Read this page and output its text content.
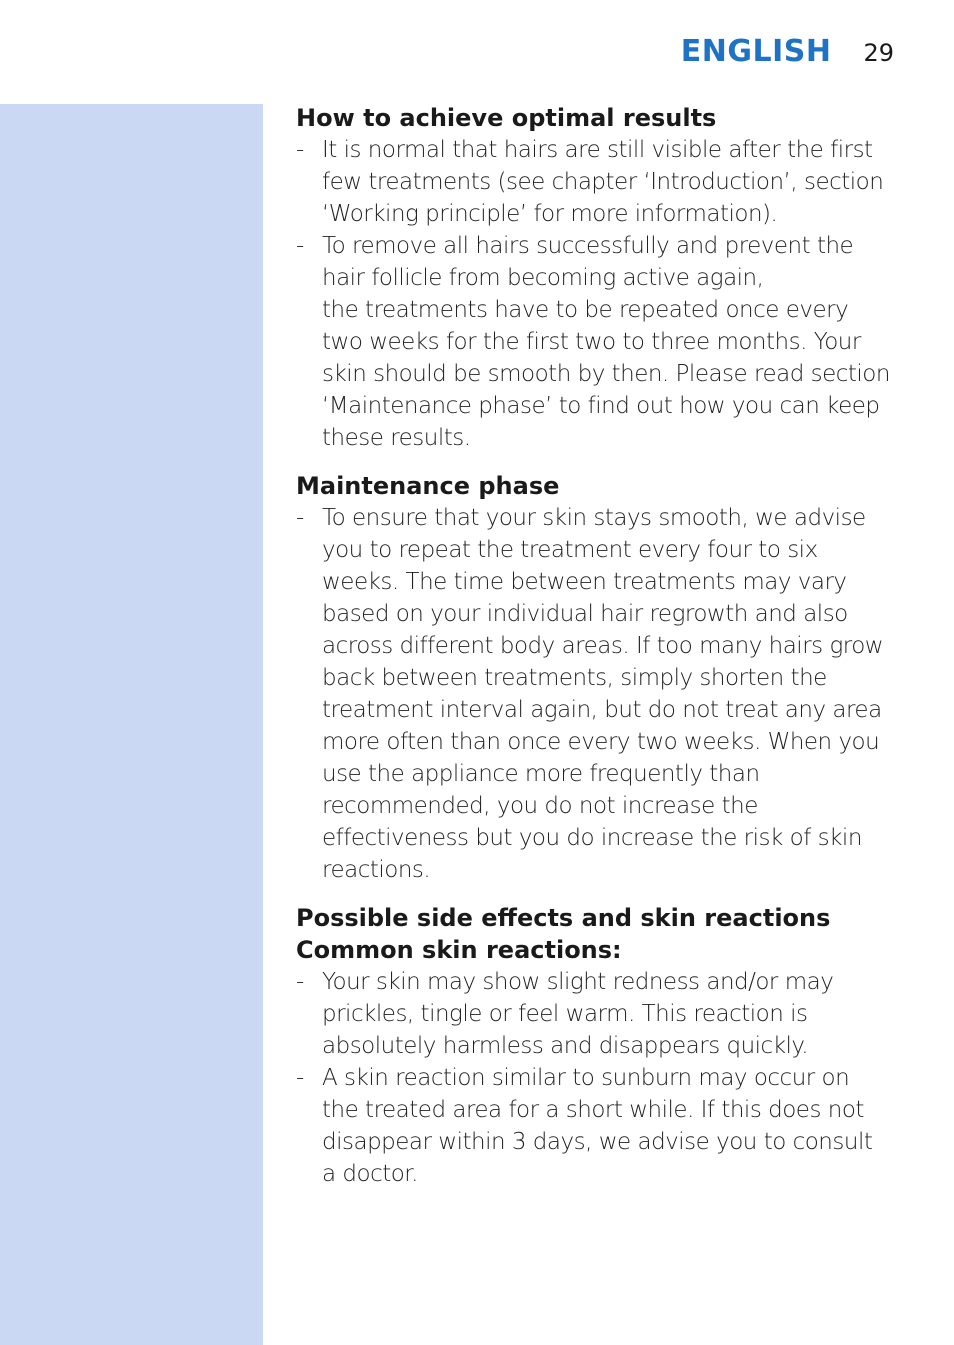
ENGLISH 29
How to achieve optimal results
- It is normal that hairs are still visible after the first few treatments (see chapter ‘Introduction’, section ‘Working principle’ for more information).
- To remove all hairs successfully and prevent the hair follicle from becoming active again,
the treatments have to be repeated once every two weeks for the first two to three months. Your skin should be smooth by then. Please read section ‘Maintenance phase’ to find out how you can keep these results.
Maintenance phase
- To ensure that your skin stays smooth, we advise you to repeat the treatment every four to six weeks. The time between treatments may vary based on your individual hair regrowth and also across different body areas. If too many hairs grow back between treatments, simply shorten the treatment interval again, but do not treat any area more often than once every two weeks. When you use the appliance more frequently than recommended, you do not increase the effectiveness but you do increase the risk of skin reactions.
Possible side effects and skin reactions
Common skin reactions:
- Your skin may show slight redness and/or may prickles, tingle or feel warm. This reaction is absolutely harmless and disappears quickly.
- A skin reaction similar to sunburn may occur on the treated area for a short while. If this does not disappear within 3 days, we advise you to consult a doctor.
